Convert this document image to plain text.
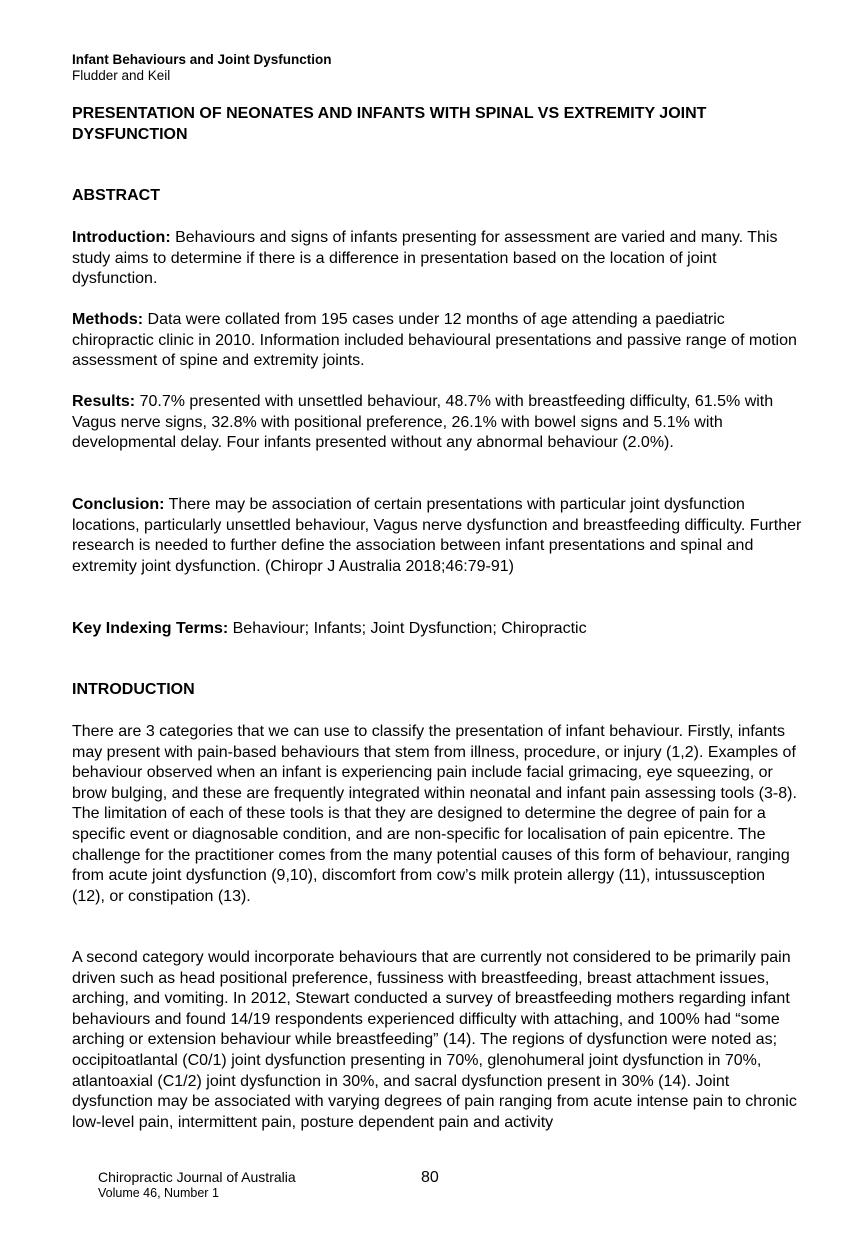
Infant Behaviours and Joint Dysfunction
Fludder and Keil
PRESENTATION OF NEONATES AND INFANTS WITH SPINAL VS EXTREMITY JOINT DYSFUNCTION
ABSTRACT

Introduction: Behaviours and signs of infants presenting for assessment are varied and many. This study aims to determine if there is a difference in presentation based on the location of joint dysfunction.

Methods: Data were collated from 195 cases under 12 months of age attending a paediatric chiropractic clinic in 2010. Information included behavioural presentations and passive range of motion assessment of spine and extremity joints.

Results: 70.7% presented with unsettled behaviour, 48.7% with breastfeeding difficulty, 61.5% with Vagus nerve signs, 32.8% with positional preference, 26.1% with bowel signs and 5.1% with developmental delay. Four infants presented without any abnormal behaviour (2.0%).

Conclusion: There may be association of certain presentations with particular joint dysfunction locations, particularly unsettled behaviour, Vagus nerve dysfunction and breastfeeding difficulty. Further research is needed to further define the association between infant presentations and spinal and extremity joint dysfunction. (Chiropr J Australia 2018;46:79-91)

Key Indexing Terms: Behaviour; Infants; Joint Dysfunction; Chiropractic

INTRODUCTION

There are 3 categories that we can use to classify the presentation of infant behaviour. Firstly, infants may present with pain-based behaviours that stem from illness, procedure, or injury (1,2). Examples of behaviour observed when an infant is experiencing pain include facial grimacing, eye squeezing, or brow bulging, and these are frequently integrated within neonatal and infant pain assessing tools (3-8). The limitation of each of these tools is that they are designed to determine the degree of pain for a specific event or diagnosable condition, and are non-specific for localisation of pain epicentre. The challenge for the practitioner comes from the many potential causes of this form of behaviour, ranging from acute joint dysfunction (9,10), discomfort from cow’s milk protein allergy (11), intussusception (12), or constipation (13).

A second category would incorporate behaviours that are currently not considered to be primarily pain driven such as head positional preference, fussiness with breastfeeding, breast attachment issues, arching, and vomiting. In 2012, Stewart conducted a survey of breastfeeding mothers regarding infant behaviours and found 14/19 respondents experienced difficulty with attaching, and 100% had “some arching or extension behaviour while breastfeeding” (14). The regions of dysfunction were noted as; occipitoatlantal (C0/1) joint dysfunction presenting in 70%, glenohumeral joint dysfunction in 70%, atlantoaxial (C1/2) joint dysfunction in 30%, and sacral dysfunction present in 30% (14). Joint dysfunction may be associated with varying degrees of pain ranging from acute intense pain to chronic low-level pain, intermittent pain, posture dependent pain and activity

Chiropractic Journal of Australia
Volume 46, Number 1
80
